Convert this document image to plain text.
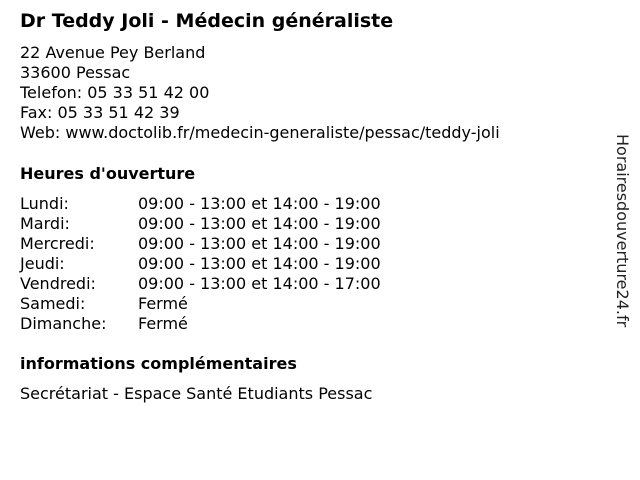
Dr Teddy Joli - Médecin généraliste
22 Avenue Pey Berland
33600 Pessac
Telefon: 05 33 51 42 00
Fax: 05 33 51 42 39
Web: www.doctolib.fr/medecin-generaliste/pessac/teddy-joli
Heures d'ouverture
Lundi:	09:00 - 13:00 et 14:00 - 19:00
Mardi:	09:00 - 13:00 et 14:00 - 19:00
Mercredi:	09:00 - 13:00 et 14:00 - 19:00
Jeudi:	09:00 - 13:00 et 14:00 - 19:00
Vendredi:	09:00 - 13:00 et 14:00 - 17:00
Samedi:	Fermé
Dimanche: Fermé
informations complémentaires
Secrétariat - Espace Santé Etudiants Pessac
Horairesdouverture24.fr
